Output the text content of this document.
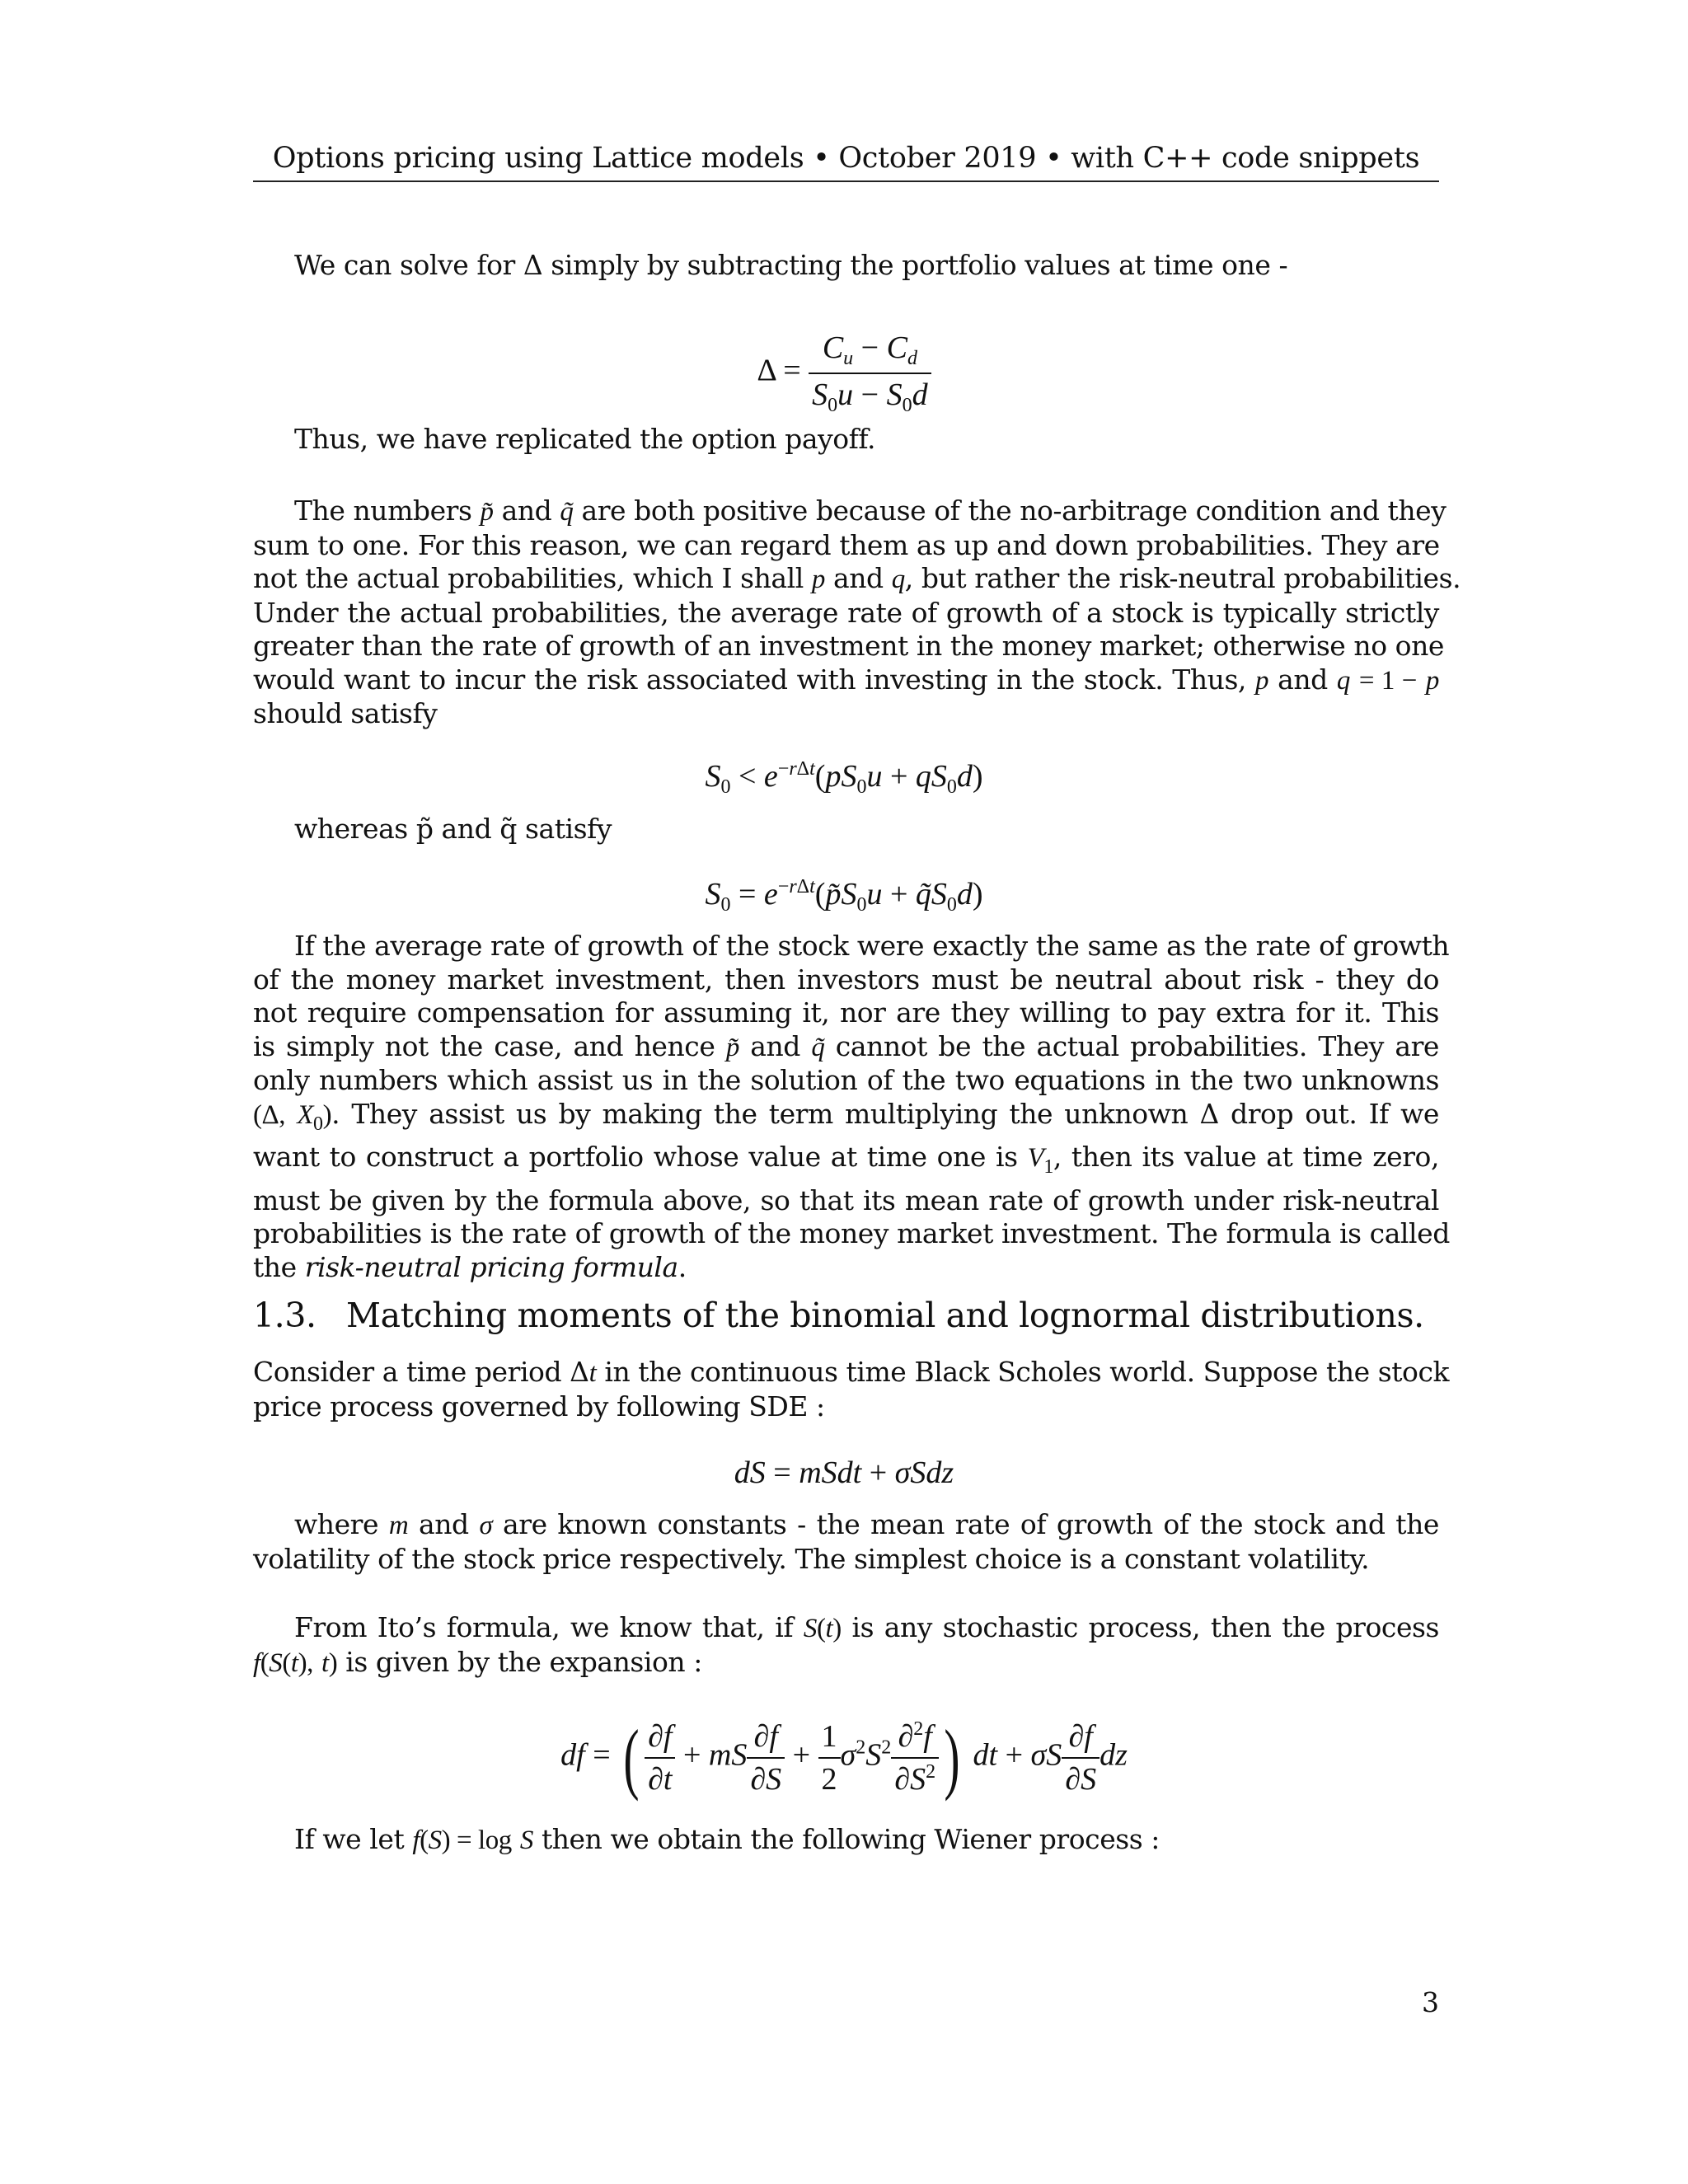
Options pricing using Lattice models • October 2019 • with C++ code snippets
We can solve for Δ simply by subtracting the portfolio values at time one -
$\Delta = \frac{C_u - C_d}{S_0u - S_0d}$
Thus, we have replicated the option payoff.
The numbers p̃ and q̃ are both positive because of the no-arbitrage condition and they
sum to one. For this reason, we can regard them as up and down probabilities. They are
not the actual probabilities, which I shall p and q, but rather the risk-neutral probabilities.
Under the actual probabilities, the average rate of growth of a stock is typically strictly
greater than the rate of growth of an investment in the money market; otherwise no one
would want to incur the risk associated with investing in the stock. Thus, p and q = 1 − p
should satisfy
$S_0 < e^{-r\Delta t}(pS_0u + qS_0d)$
whereas p̃ and q̃ satisfy
$S_0$ = $e^{-r\Delta t}(p̃S_0u$ + $q̃S_0d$)
If the average rate of growth of the stock were exactly the same as the rate of growth
of the money market investment, then investors must be neutral about risk - they do
not require compensation for assuming it, nor are they willing to pay extra for it. This
is simply not the case, and hence p̃ and q̃ cannot be the actual probabilities. They are
only numbers which assist us in the solution of the two equations in the two unknowns
(Δ, $X_0$). They assist us by making the term multiplying the unknown Δ drop out. If we
want to construct a portfolio whose value at time one is $V_1$, then its value at time zero,
must be given by the formula above, so that its mean rate of growth under risk-neutral
probabilities is the rate of growth of the money market investment. The formula is called
the risk-neutral pricing formula.
1.3. Matching moments of the binomial and lognormal distributions.
Consider a time period Δt in the continuous time Black Scholes world. Suppose the stock
price process governed by following SDE :
dS = mSdt + σSdz
where m and σ are known constants - the mean rate of growth of the stock and the
volatility of the stock price respectively. The simplest choice is a constant volatility.
From Ito’s formula, we know that, if S(t) is any stochastic process, then the process
f(S(t), t) is given by the expansion :
df = ( $\frac{\partial f}{\partial t}$ + mS $\frac{\partial f}{\partial S} + \frac{1}{2} \sigma^2S^2 \frac{\partial^2f}{\partial S^2}$ ) dt + σS $\frac{\partial f}{\partial S}$ dz
If we let f(S) = log S then we obtain the following Wiener process :
3
